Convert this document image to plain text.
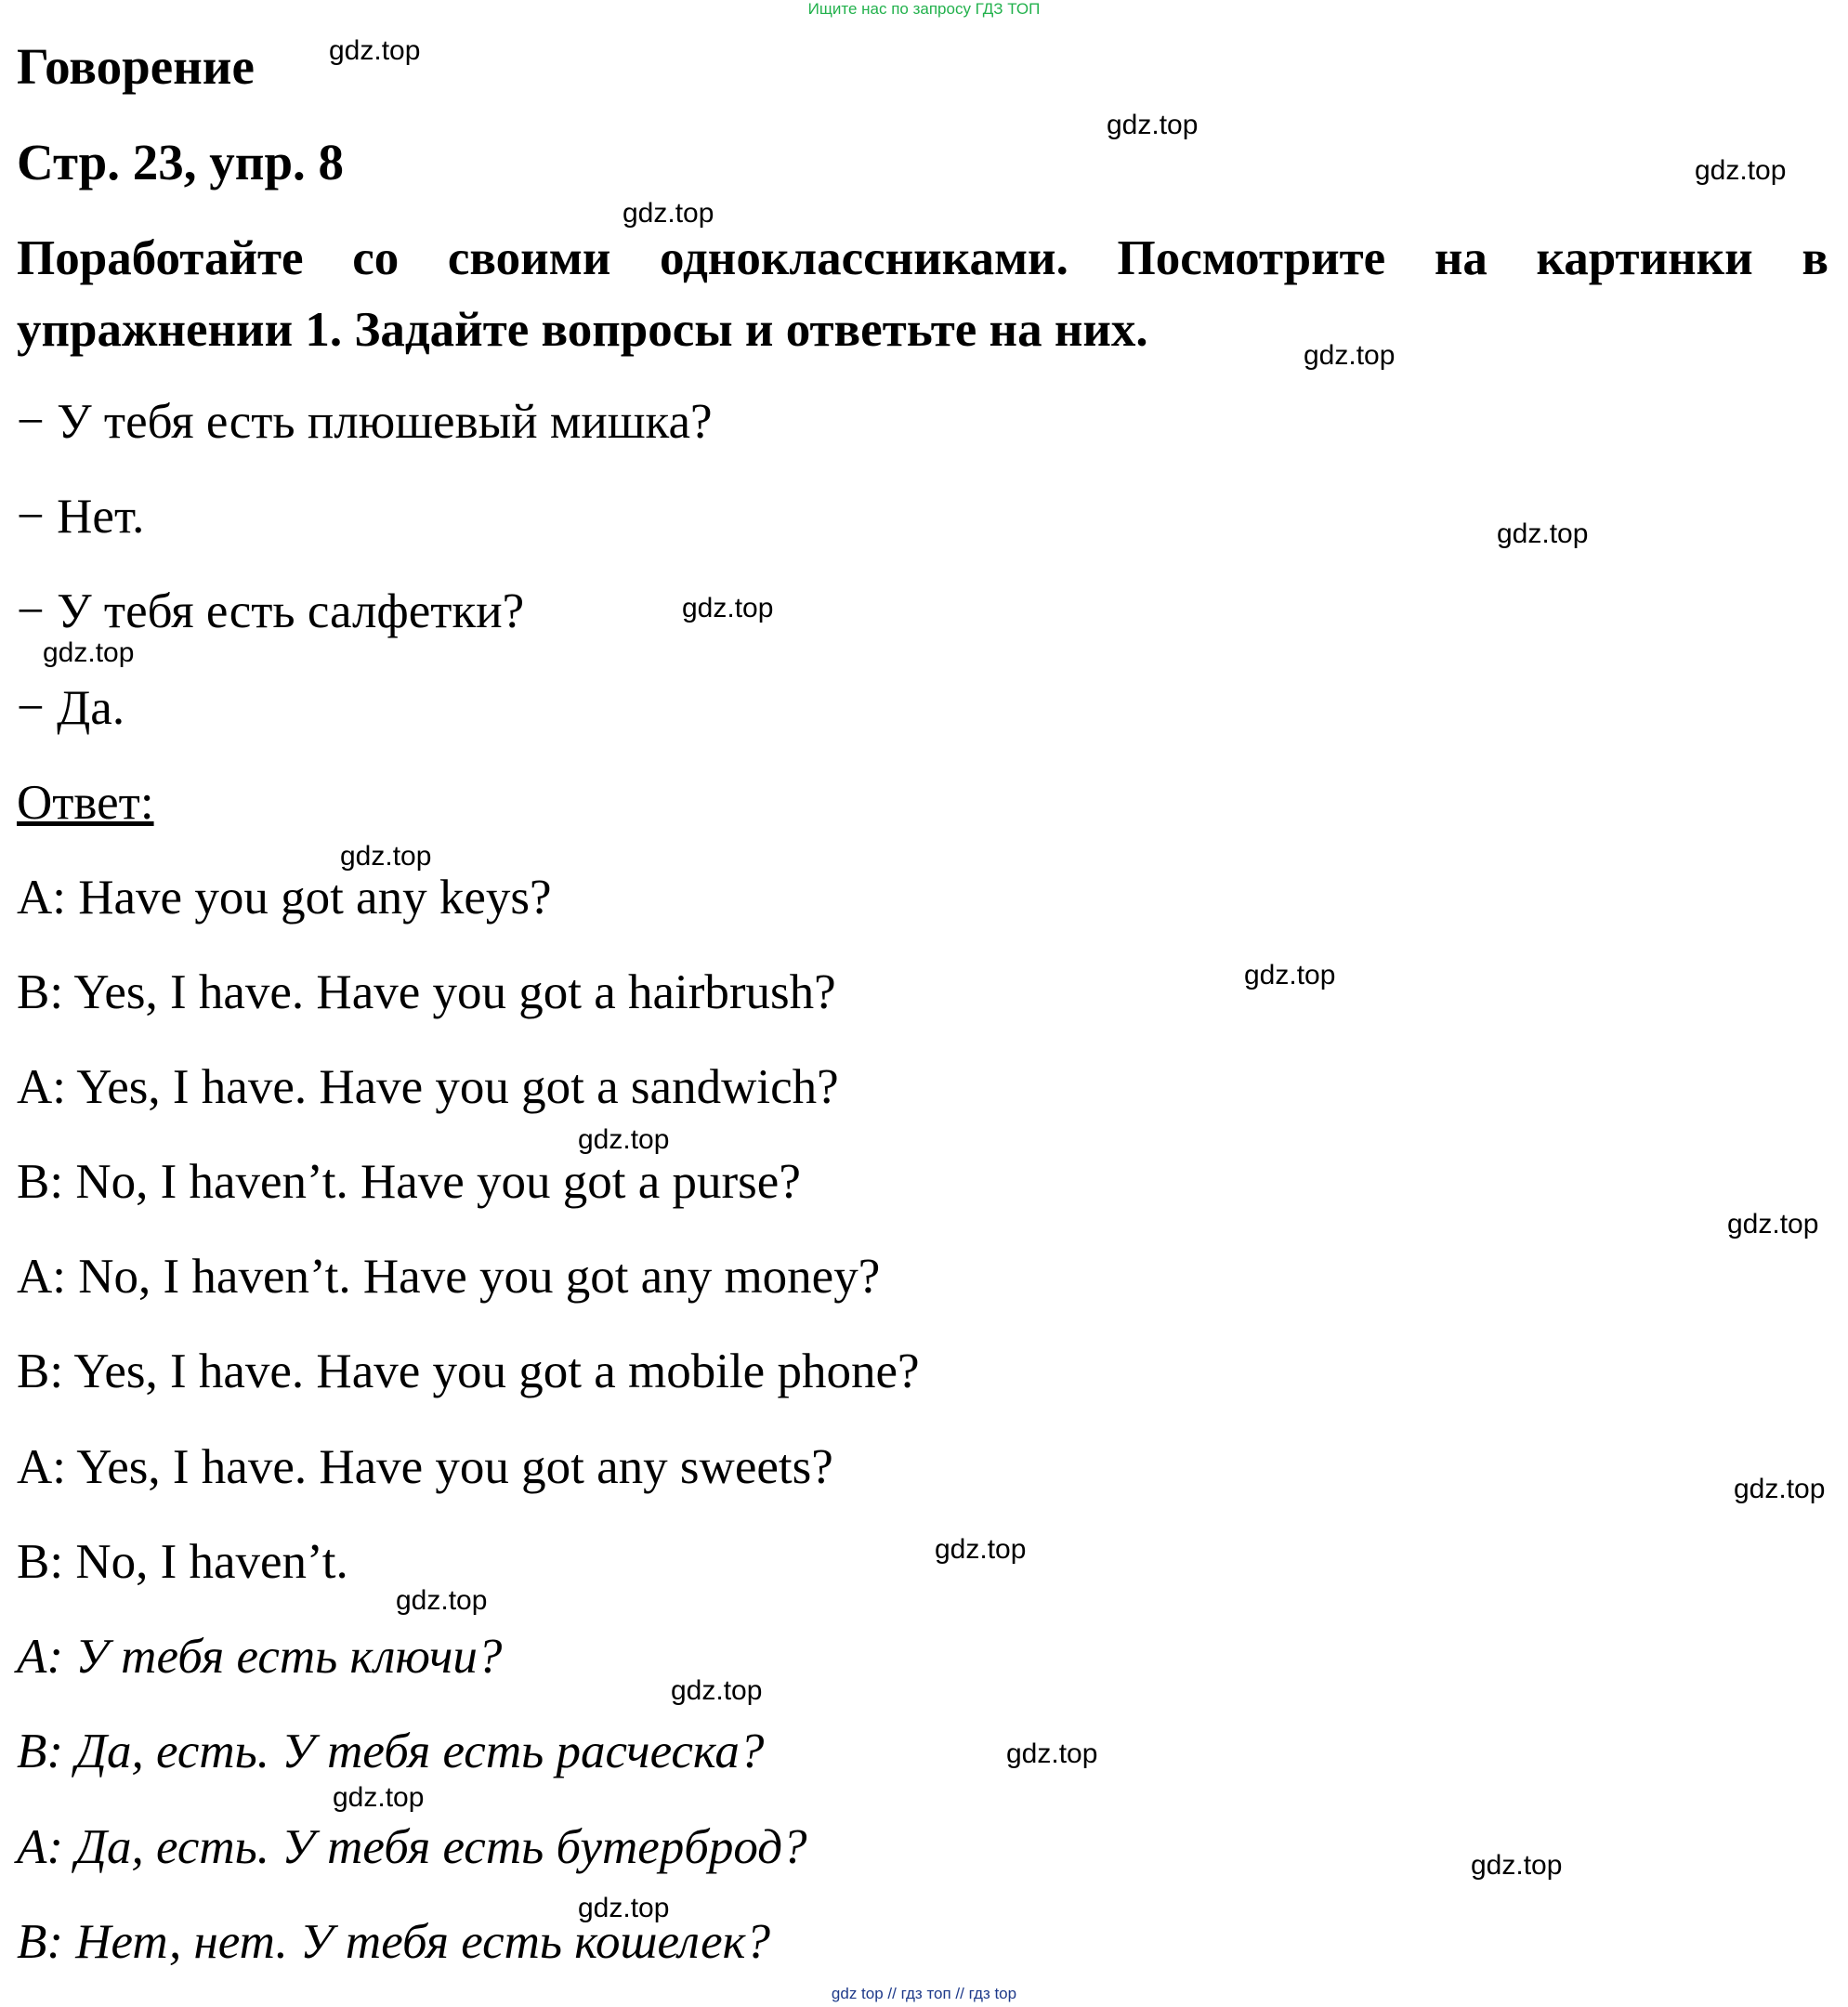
Ищите нас по запросу ГДЗ ТОП
Говорение
Стр. 23, упр. 8
Поработайте со своими одноклассниками. Посмотрите на картинки в упражнении 1. Задайте вопросы и ответьте на них.
− У тебя есть плюшевый мишка?
− Нет.
− У тебя есть салфетки?
− Да.
Ответ:
A: Have you got any keys?
B: Yes, I have. Have you got a hairbrush?
A: Yes, I have. Have you got a sandwich?
B: No, I haven’t. Have you got a purse?
A: No, I haven’t. Have you got any money?
B: Yes, I have. Have you got a mobile phone?
A: Yes, I have. Have you got any sweets?
B: No, I haven’t.
A: У тебя есть ключи?
B: Да, есть. У тебя есть расческа?
A: Да, есть. У тебя есть бутерброд?
B: Нет, нет. У тебя есть кошелек?
gdz.top
gdz.top
gdz.top
gdz.top
gdz.top
gdz.top
gdz.top
gdz.top
gdz.top
gdz.top
gdz.top
gdz.top
gdz.top
gdz.top
gdz.top
gdz.top
gdz.top
gdz.top
gdz.top
gdz.top
gdz top // гдз топ // гдз top
